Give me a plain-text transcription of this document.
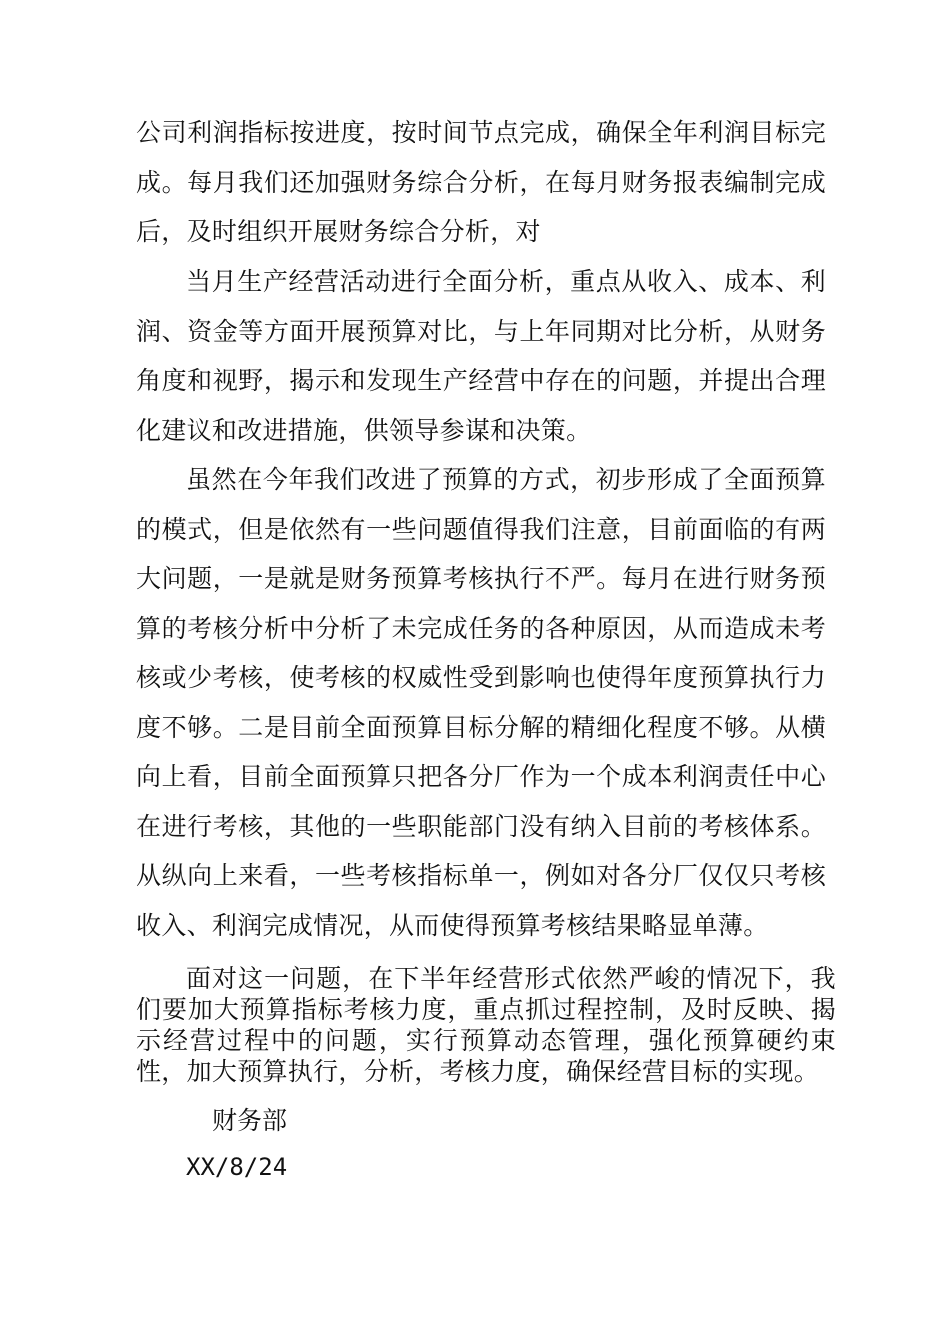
公司利润指标按进度，按时间节点完成，确保全年利润目标完成。每月我们还加强财务综合分析，在每月财务报表编制完成后，及时组织开展财务综合分析，对

当月生产经营活动进行全面分析，重点从收入、成本、利润、资金等方面开展预算对比，与上年同期对比分析，从财务角度和视野，揭示和发现生产经营中存在的问题，并提出合理化建议和改进措施，供领导参谋和决策。

虽然在今年我们改进了预算的方式，初步形成了全面预算的模式，但是依然有一些问题值得我们注意，目前面临的有两大问题，一是就是财务预算考核执行不严。每月在进行财务预算的考核分析中分析了未完成任务的各种原因，从而造成未考核或少考核，使考核的权威性受到影响也使得年度预算执行力度不够。二是目前全面预算目标分解的精细化程度不够。从横向上看，目前全面预算只把各分厂作为一个成本利润责任中心在进行考核，其他的一些职能部门没有纳入目前的考核体系。从纵向上来看，一些考核指标单一，例如对各分厂仅仅只考核收入、利润完成情况，从而使得预算考核结果略显单薄。

面对这一问题，在下半年经营形式依然严峻的情况下，我们要加大预算指标考核力度，重点抓过程控制，及时反映、揭示经营过程中的问题，实行预算动态管理，强化预算硬约束性，加大预算执行，分析，考核力度，确保经营目标的实现。

财务部

XX/8/24
